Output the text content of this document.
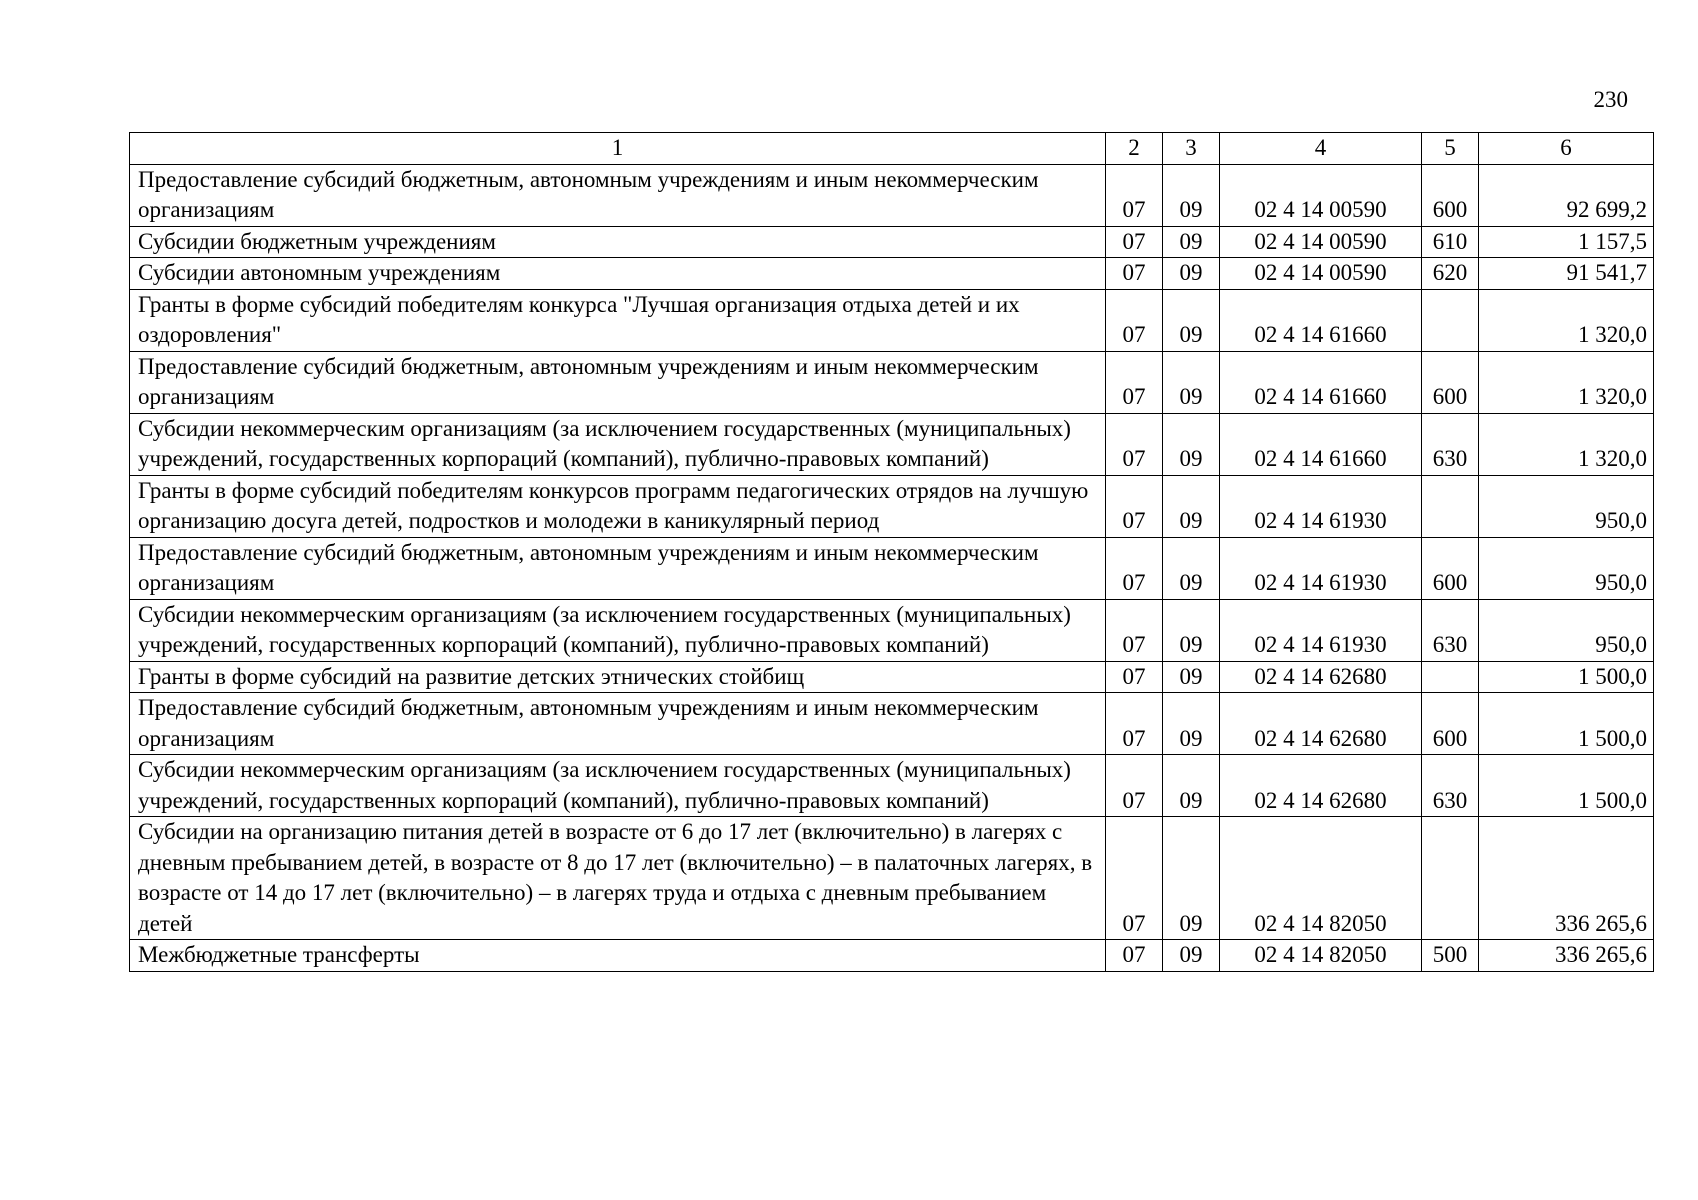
230
1	2	3	4	5	6
Предоставление субсидий бюджетным, автономным учреждениям и иным некоммерческим организациям	07	09	02 4 14 00590	600	92 699,2
Субсидии бюджетным учреждениям	07	09	02 4 14 00590	610	1 157,5
Субсидии автономным учреждениям	07	09	02 4 14 00590	620	91 541,7
Гранты в форме субсидий победителям конкурса "Лучшая организация отдыха детей и их оздоровления"	07	09	02 4 14 61660		1 320,0
Предоставление субсидий бюджетным, автономным учреждениям и иным некоммерческим организациям	07	09	02 4 14 61660	600	1 320,0
Субсидии некоммерческим организациям (за исключением государственных (муниципальных) учреждений, государственных корпораций (компаний), публично-правовых компаний)	07	09	02 4 14 61660	630	1 320,0
Гранты в форме субсидий победителям конкурсов программ педагогических отрядов на лучшую организацию досуга детей, подростков и молодежи в каникулярный период	07	09	02 4 14 61930		950,0
Предоставление субсидий бюджетным, автономным учреждениям и иным некоммерческим организациям	07	09	02 4 14 61930	600	950,0
Субсидии некоммерческим организациям (за исключением государственных (муниципальных) учреждений, государственных корпораций (компаний), публично-правовых компаний)	07	09	02 4 14 61930	630	950,0
Гранты в форме субсидий на развитие детских этнических стойбищ	07	09	02 4 14 62680		1 500,0
Предоставление субсидий бюджетным, автономным учреждениям и иным некоммерческим организациям	07	09	02 4 14 62680	600	1 500,0
Субсидии некоммерческим организациям (за исключением государственных (муниципальных) учреждений, государственных корпораций (компаний), публично-правовых компаний)	07	09	02 4 14 62680	630	1 500,0
Субсидии на организацию питания детей в возрасте от 6 до 17 лет (включительно) в лагерях с дневным пребыванием детей, в возрасте от 8 до 17 лет (включительно) – в палаточных лагерях, в возрасте от 14 до 17 лет (включительно) – в лагерях труда и отдыха с дневным пребыванием детей	07	09	02 4 14 82050		336 265,6
Межбюджетные трансферты	07	09	02 4 14 82050	500	336 265,6
